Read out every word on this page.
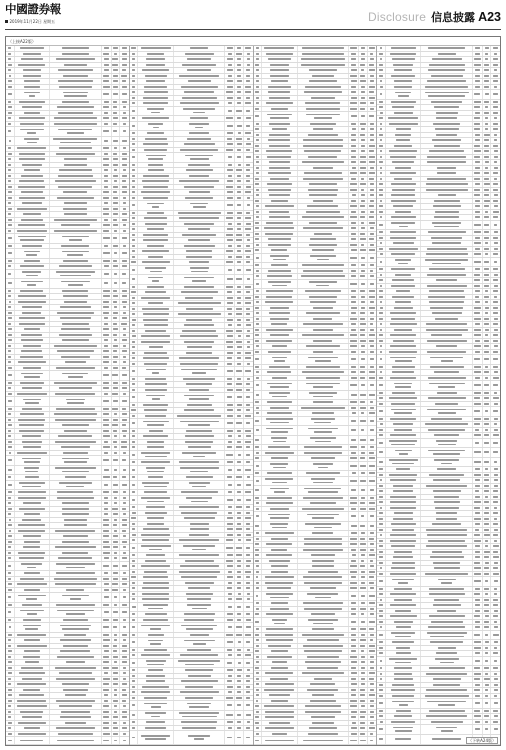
中國證券報
2019年11月22日 星期五	Disclosure 信息披露 A23
（上接A22版）
（下转A24版）
